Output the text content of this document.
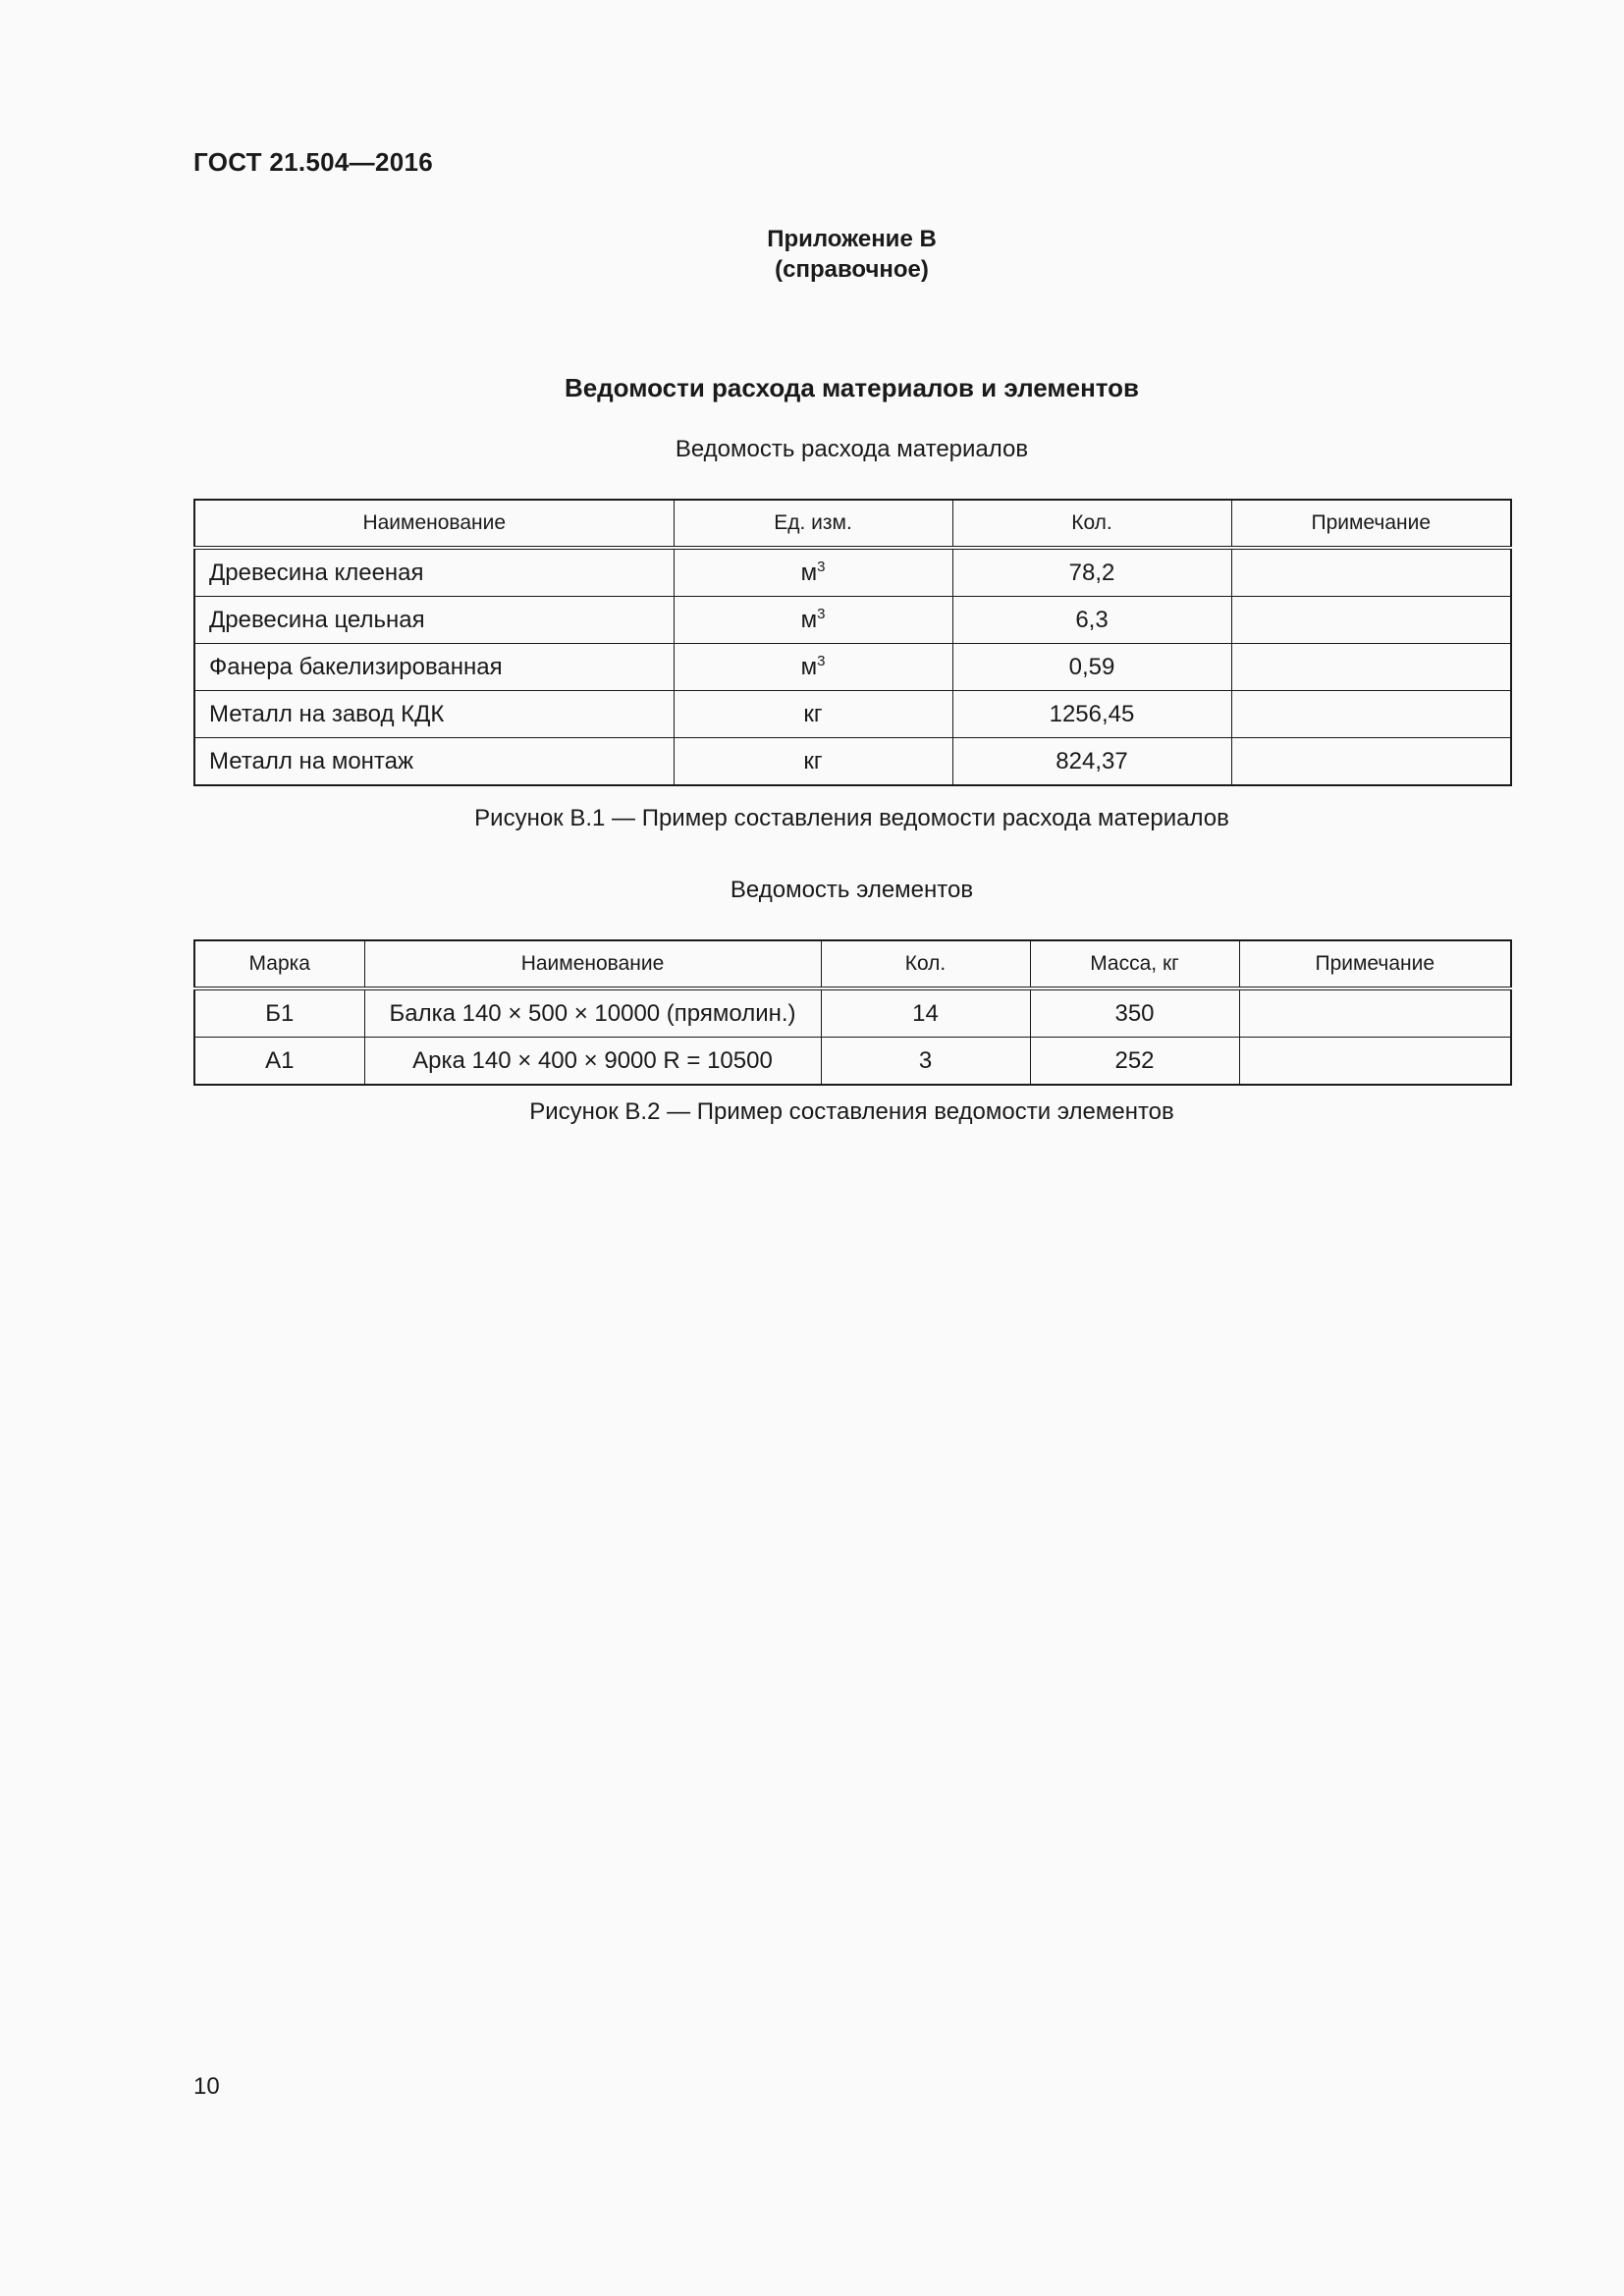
ГОСТ 21.504—2016
Приложение В
(справочное)
Ведомости расхода материалов и элементов
Ведомость расхода материалов
Наименование	Ед. изм.	Кол.	Примечание
Древесина клееная	$м^3$	78,2	
Древесина цельная	$м^3$	6,3	
Фанера бакелизированная	$м^3$	0,59	
Металл на завод КДК	кг	1256,45	
Металл на монтаж	кг	824,37	
Рисунок В.1 — Пример составления ведомости расхода материалов
Ведомость элементов
Марка	Наименование	Кол.	Масса, кг	Примечание
Б1	Балка 140 × 500 × 10000 (прямолин.)	14	350	
А1	Арка 140 × 400 × 9000 R = 10500	3	252	
Рисунок В.2 — Пример составления ведомости элементов
10
